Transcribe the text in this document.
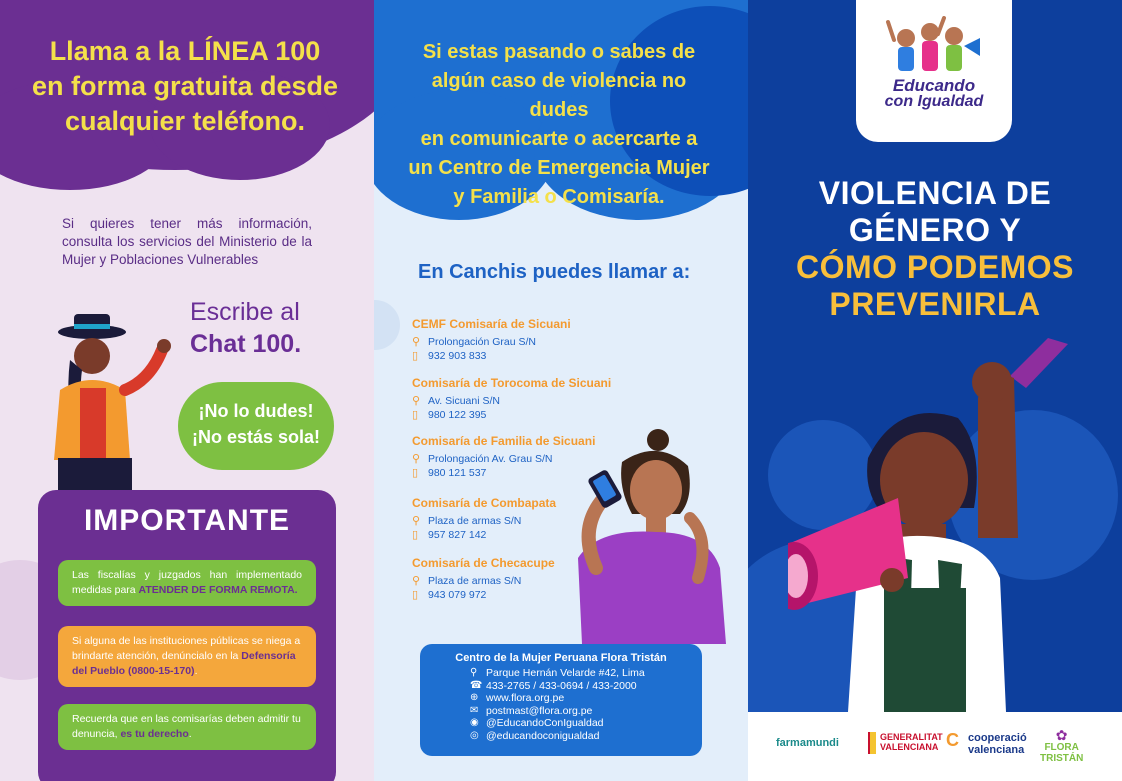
Llama a la LÍNEA 100
en forma gratuita desde
cualquier teléfono.
Si quieres tener más información, consulta los servicios del Ministerio de la Mujer y Poblaciones Vulnerables
Escribe al
Chat 100.
¡No lo dudes!
¡No estás sola!
IMPORTANTE
Las fiscalías y juzgados han implementado medidas para ATENDER DE FORMA REMOTA.
Si alguna de las instituciones públicas se niega a brindarte atención, denúncialo en la Defensoría del Pueblo (0800-15-170).
Recuerda que en las comisarías deben admitir tu denuncia, es tu derecho.
Si estas pasando o sabes de
algún caso de violencia no dudes
en comunicarte o acercarte a
un Centro de Emergencia Mujer
y Familia o Comisaría.
En Canchis puedes llamar a:
CEMF Comisaría de Sicuani
⚲ Prolongación Grau S/N
▯ 932 903 833
Comisaría de Torocoma de Sicuani
⚲ Av. Sicuani S/N
▯ 980 122 395
Comisaría de Familia de Sicuani
⚲ Prolongación Av. Grau S/N
▯ 980 121 537
Comisaría de Combapata
⚲ Plaza de armas S/N
▯ 957 827 142
Comisaría de Checacupe
⚲ Plaza de armas S/N
▯ 943 079 972
Centro de la Mujer Peruana Flora Tristán
⚲ Parque Hernán Velarde #42, Lima
☎ 433-2765 / 433-0694 / 433-2000
⊕ www.flora.org.pe
✉ postmast@flora.org.pe
◉ @EducandoConIgualdad
◎ @educandoconigualdad
Educando
con Igualdad
VIOLENCIA DE
GÉNERO Y
CÓMO PODEMOS
PREVENIRLA
farmamundi	GENERALITAT
VALENCIANA C cooperació
valenciana
✿
FLORA
TRISTÁN
